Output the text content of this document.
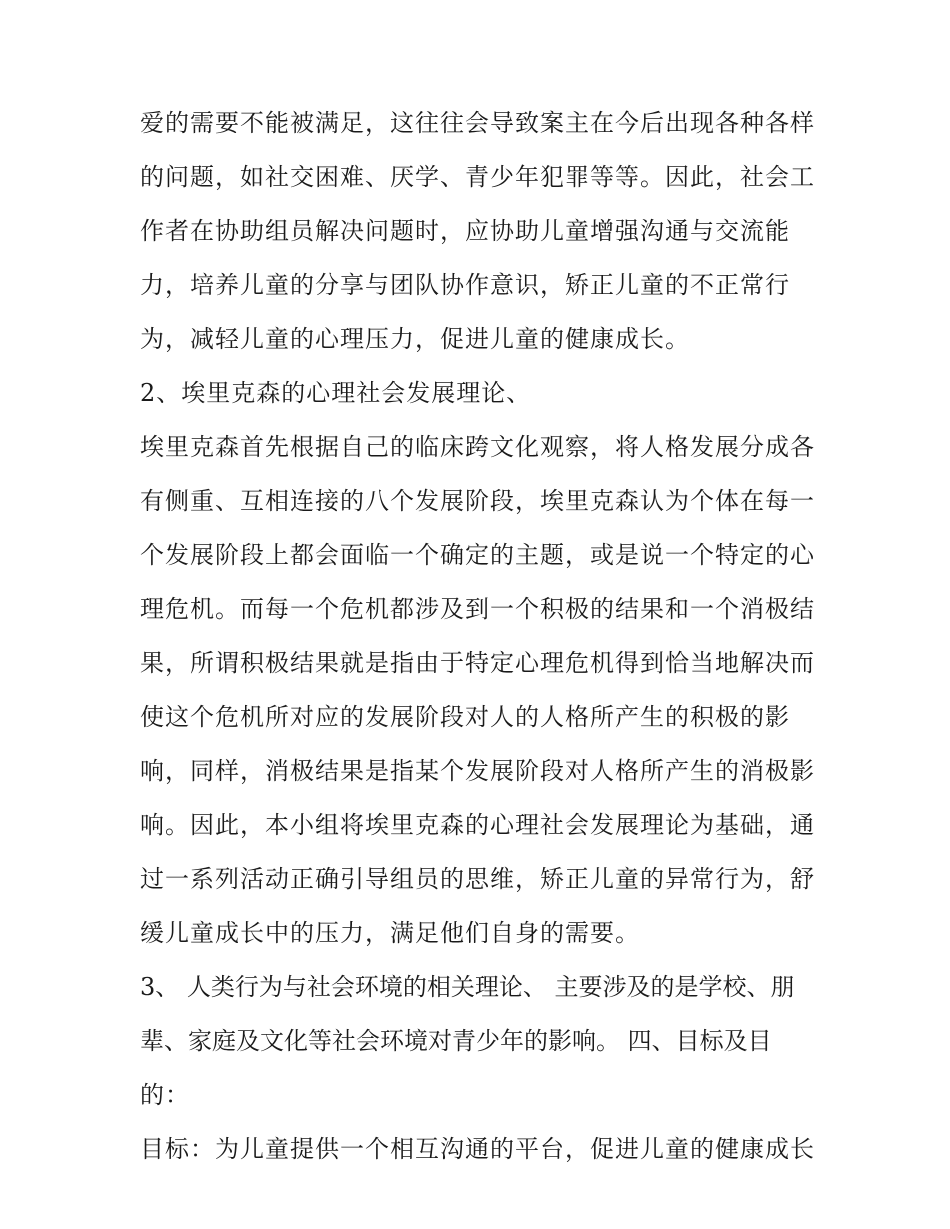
爱的需要不能被满足，这往往会导致案主在今后出现各种各样
的问题，如社交困难、厌学、青少年犯罪等等。因此，社会工
作者在协助组员解决问题时，应协助儿童增强沟通与交流能
力，培养儿童的分享与团队协作意识，矫正儿童的不正常行
为，减轻儿童的心理压力，促进儿童的健康成长。
2、埃里克森的心理社会发展理论、
埃里克森首先根据自己的临床跨文化观察，将人格发展分成各
有侧重、互相连接的八个发展阶段，埃里克森认为个体在每一
个发展阶段上都会面临一个确定的主题，或是说一个特定的心
理危机。而每一个危机都涉及到一个积极的结果和一个消极结
果，所谓积极结果就是指由于特定心理危机得到恰当地解决而
使这个危机所对应的发展阶段对人的人格所产生的积极的影
响，同样，消极结果是指某个发展阶段对人格所产生的消极影
响。因此，本小组将埃里克森的心理社会发展理论为基础，通
过一系列活动正确引导组员的思维，矫正儿童的异常行为，舒
缓儿童成长中的压力，满足他们自身的需要。
3、 人类行为与社会环境的相关理论、 主要涉及的是学校、朋
辈、家庭及文化等社会环境对青少年的影响。 四、目标及目
的：
目标：为儿童提供一个相互沟通的平台，促进儿童的健康成长
